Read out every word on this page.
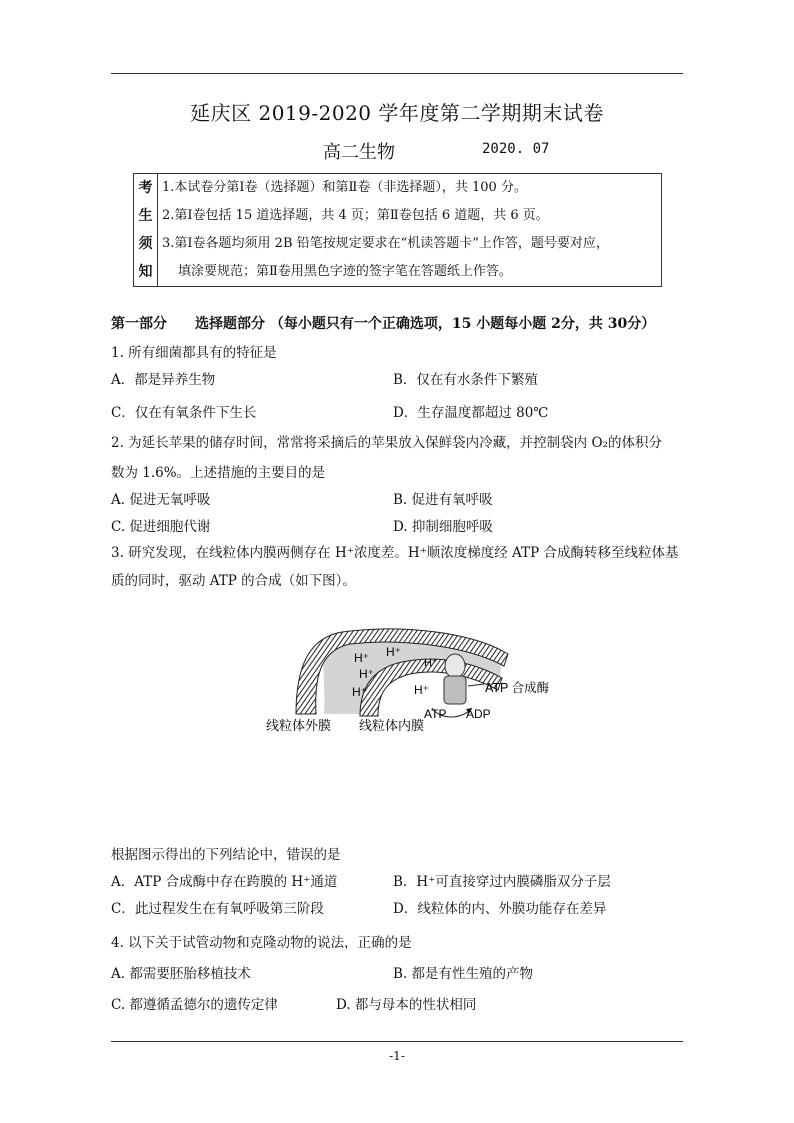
延庆区 2019-2020 学年度第二学期期末试卷
高二生物	2020. 07
考
生
须
知

1.本试卷分第Ⅰ卷（选择题）和第Ⅱ卷（非选择题），共 100 分。
2.第Ⅰ卷包括 15 道选择题，共 4 页；第Ⅱ卷包括 6 道题，共 6 页。
3.第Ⅰ卷各题均须用 2B 铅笔按规定要求在“机读答题卡”上作答，题号要对应，
填涂要规范；第Ⅱ卷用黑色字迹的签字笔在答题纸上作答。
第一部分　　选择题部分 （每小题只有一个正确选项，15 小题每小题 2分，共 30分）
1. 所有细菌都具有的特征是
A．都是异养生物	B．仅在有水条件下繁殖
C．仅在有氧条件下生长	D．生存温度都超过 80℃
2. 为延长苹果的储存时间，常常将采摘后的苹果放入保鲜袋内冷藏，并控制袋内 O₂的体积分
数为 1.6%。上述措施的主要目的是
A. 促进无氧呼吸	B. 促进有氧呼吸
C. 促进细胞代谢	D. 抑制细胞呼吸
3. 研究发现，在线粒体内膜两侧存在 H⁺浓度差。H⁺顺浓度梯度经 ATP 合成酶转移至线粒体基
质的同时，驱动 ATP 的合成（如下图）。
H⁺ H⁺
H⁺
H⁺
H⁺
H⁺	ATP 合成酶
ATP ADP
线粒体外膜 线粒体内膜
根据图示得出的下列结论中，错误的是
A．ATP 合成酶中存在跨膜的 H⁺通道	B．H⁺可直接穿过内膜磷脂双分子层
C．此过程发生在有氧呼吸第三阶段	D．线粒体的内、外膜功能存在差异
4. 以下关于试管动物和克隆动物的说法，正确的是
A. 都需要胚胎移植技术	B. 都是有性生殖的产物
C. 都遵循孟德尔的遗传定律	D. 都与母本的性状相同
-1-
